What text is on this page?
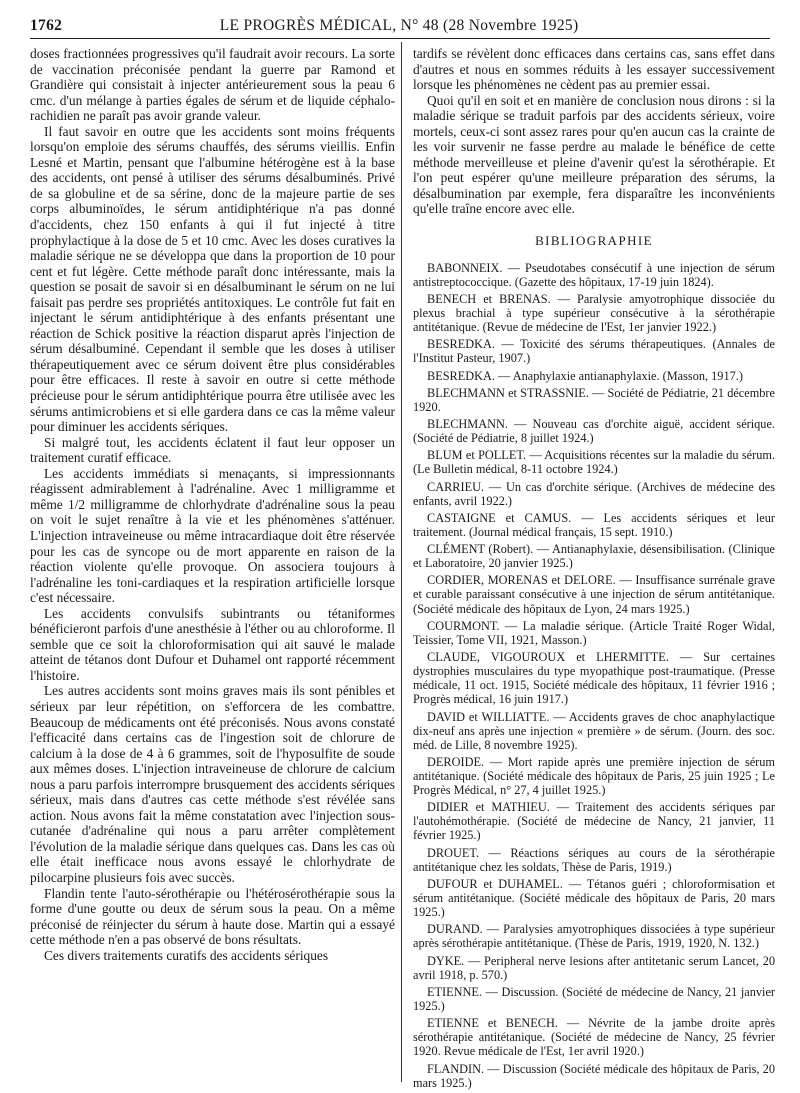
1762	LE PROGRÈS MÉDICAL, N° 48 (28 Novembre 1925)

doses fractionnées progressives qu'il faudrait avoir recours. La sorte de vaccination préconisée pendant la guerre par Ramond et Grandière qui consistait à injecter antérieurement sous la peau 6 cmc. d'un mélange à parties égales de sérum et de liquide céphalo-rachidien ne paraît pas avoir grande valeur.

Il faut savoir en outre que les accidents sont moins fréquents lorsqu'on emploie des sérums chauffés, des sérums vieillis. Enfin Lesné et Martin, pensant que l'albumine hétérogène est à la base des accidents, ont pensé à utiliser des sérums désalbuminés. Privé de sa globuline et de sa sérine, donc de la majeure partie de ses corps albuminoïdes, le sérum antidiphtérique n'a pas donné d'accidents, chez 150 enfants à qui il fut injecté à titre prophylactique à la dose de 5 et 10 cmc. Avec les doses curatives la maladie sérique ne se développa que dans la proportion de 10 pour cent et fut légère. Cette méthode paraît donc intéressante, mais la question se posait de savoir si en désalbuminant le sérum on ne lui faisait pas perdre ses propriétés antitoxiques. Le contrôle fut fait en injectant le sérum antidiphtérique à des enfants présentant une réaction de Schick positive la réaction disparut après l'injection de sérum désalbuminé. Cependant il semble que les doses à utiliser thérapeutiquement avec ce sérum doivent être plus considérables pour être efficaces. Il reste à savoir en outre si cette méthode précieuse pour le sérum antidiphtérique pourra être utilisée avec les sérums antimicrobiens et si elle gardera dans ce cas la même valeur pour diminuer les accidents sériques.

Si malgré tout, les accidents éclatent il faut leur opposer un traitement curatif efficace.

Les accidents immédiats si menaçants, si impressionnants réagissent admirablement à l'adrénaline. Avec 1 milligramme et même 1/2 milligramme de chlorhydrate d'adrénaline sous la peau on voit le sujet renaître à la vie et les phénomènes s'atténuer. L'injection intraveineuse ou même intracardiaque doit être réservée pour les cas de syncope ou de mort apparente en raison de la réaction violente qu'elle provoque. On associera toujours à l'adrénaline les toni-cardiaques et la respiration artificielle lorsque c'est nécessaire.

Les accidents convulsifs subintrants ou tétaniformes bénéficieront parfois d'une anesthésie à l'éther ou au chloroforme. Il semble que ce soit la chloroformisation qui ait sauvé le malade atteint de tétanos dont Dufour et Duhamel ont rapporté récemment l'histoire.

Les autres accidents sont moins graves mais ils sont pénibles et sérieux par leur répétition, on s'efforcera de les combattre. Beaucoup de médicaments ont été préconisés. Nous avons constaté l'efficacité dans certains cas de l'ingestion soit de chlorure de calcium à la dose de 4 à 6 grammes, soit de l'hyposulfite de soude aux mêmes doses. L'injection intraveineuse de chlorure de calcium nous a paru parfois interrompre brusquement des accidents sériques sérieux, mais dans d'autres cas cette méthode s'est révélée sans action. Nous avons fait la même constatation avec l'injection sous-cutanée d'adrénaline qui nous a paru arrêter complètement l'évolution de la maladie sérique dans quelques cas. Dans les cas où elle était inefficace nous avons essayé le chlorhydrate de pilocarpine plusieurs fois avec succès.

Flandin tente l'auto-sérothérapie ou l'hétérosérothérapie sous la forme d'une goutte ou deux de sérum sous la peau. On a même préconisé de réinjecter du sérum à haute dose. Martin qui a essayé cette méthode n'en a pas observé de bons résultats.

Ces divers traitements curatifs des accidents sériques

tardifs se révèlent donc efficaces dans certains cas, sans effet dans d'autres et nous en sommes réduits à les essayer successivement lorsque les phénomènes ne cèdent pas au premier essai.

Quoi qu'il en soit et en manière de conclusion nous dirons : si la maladie sérique se traduit parfois par des accidents sérieux, voire mortels, ceux-ci sont assez rares pour qu'en aucun cas la crainte de les voir survenir ne fasse perdre au malade le bénéfice de cette méthode merveilleuse et pleine d'avenir qu'est la sérothérapie. Et l'on peut espérer qu'une meilleure préparation des sérums, la désalbumination par exemple, fera disparaître les inconvénients qu'elle traîne encore avec elle.

BIBLIOGRAPHIE

BABONNEIX. — Pseudotabes consécutif à une injection de sérum antistreptococcique. (Gazette des hôpitaux, 17-19 juin 1824).

BENECH et BRENAS. — Paralysie amyotrophique dissociée du plexus brachial à type supérieur consécutive à la sérothérapie antitétanique. (Revue de médecine de l'Est, 1er janvier 1922.)

BESREDKA. — Toxicité des sérums thérapeutiques. (Annales de l'Institut Pasteur, 1907.)

BESREDKA. — Anaphylaxie antianaphylaxie. (Masson, 1917.)

BLECHMANN et STRASSNIE. — Société de Pédiatrie, 21 décembre 1920.

BLECHMANN. — Nouveau cas d'orchite aiguë, accident sérique. (Société de Pédiatrie, 8 juillet 1924.)

BLUM et POLLET. — Acquisitions récentes sur la maladie du sérum. (Le Bulletin médical, 8-11 octobre 1924.)

CARRIEU. — Un cas d'orchite sérique. (Archives de médecine des enfants, avril 1922.)

CASTAIGNE et CAMUS. — Les accidents sériques et leur traitement. (Journal médical français, 15 sept. 1910.)

CLÉMENT (Robert). — Antianaphylaxie, désensibilisation. (Clinique et Laboratoire, 20 janvier 1925.)

CORDIER, MORENAS et DELORE. — Insuffisance surrénale grave et curable paraissant consécutive à une injection de sérum antitétanique. (Société médicale des hôpitaux de Lyon, 24 mars 1925.)

COURMONT. — La maladie sérique. (Article Traité Roger Widal, Teissier, Tome VII, 1921, Masson.)

CLAUDE, VIGOUROUX et LHERMITTE. — Sur certaines dystrophies musculaires du type myopathique post-traumatique. (Presse médicale, 11 oct. 1915, Société médicale des hôpitaux, 11 février 1916 ; Progrès médical, 16 juin 1917.)

DAVID et WILLIATTE. — Accidents graves de choc anaphylactique dix-neuf ans après une injection « première » de sérum. (Journ. des soc. méd. de Lille, 8 novembre 1925).

DEROIDE. — Mort rapide après une première injection de sérum antitétanique. (Société médicale des hôpitaux de Paris, 25 juin 1925 ; Le Progrès Médical, n° 27, 4 juillet 1925.)

DIDIER et MATHIEU. — Traitement des accidents sériques par l'autohémothérapie. (Société de médecine de Nancy, 21 janvier, 11 février 1925.)

DROUET. — Réactions sériques au cours de la sérothérapie antitétanique chez les soldats, Thèse de Paris, 1919.)

DUFOUR et DUHAMEL. — Tétanos guéri ; chloroformisation et sérum antitétanique. (Société médicale des hôpitaux de Paris, 20 mars 1925.)

DURAND. — Paralysies amyotrophiques dissociées à type supérieur après sérothérapie antitétanique. (Thèse de Paris, 1919, 1920, N. 132.)

DYKE. — Peripheral nerve lesions after antitetanic serum Lancet, 20 avril 1918, p. 570.)

ETIENNE. — Discussion. (Société de médecine de Nancy, 21 janvier 1925.)

ETIENNE et BENECH. — Névrite de la jambe droite après sérothérapie antitétanique. (Société de médecine de Nancy, 25 février 1920. Revue médicale de l'Est, 1er avril 1920.)

FLANDIN. — Discussion (Société médicale des hôpitaux de Paris, 20 mars 1925.)
